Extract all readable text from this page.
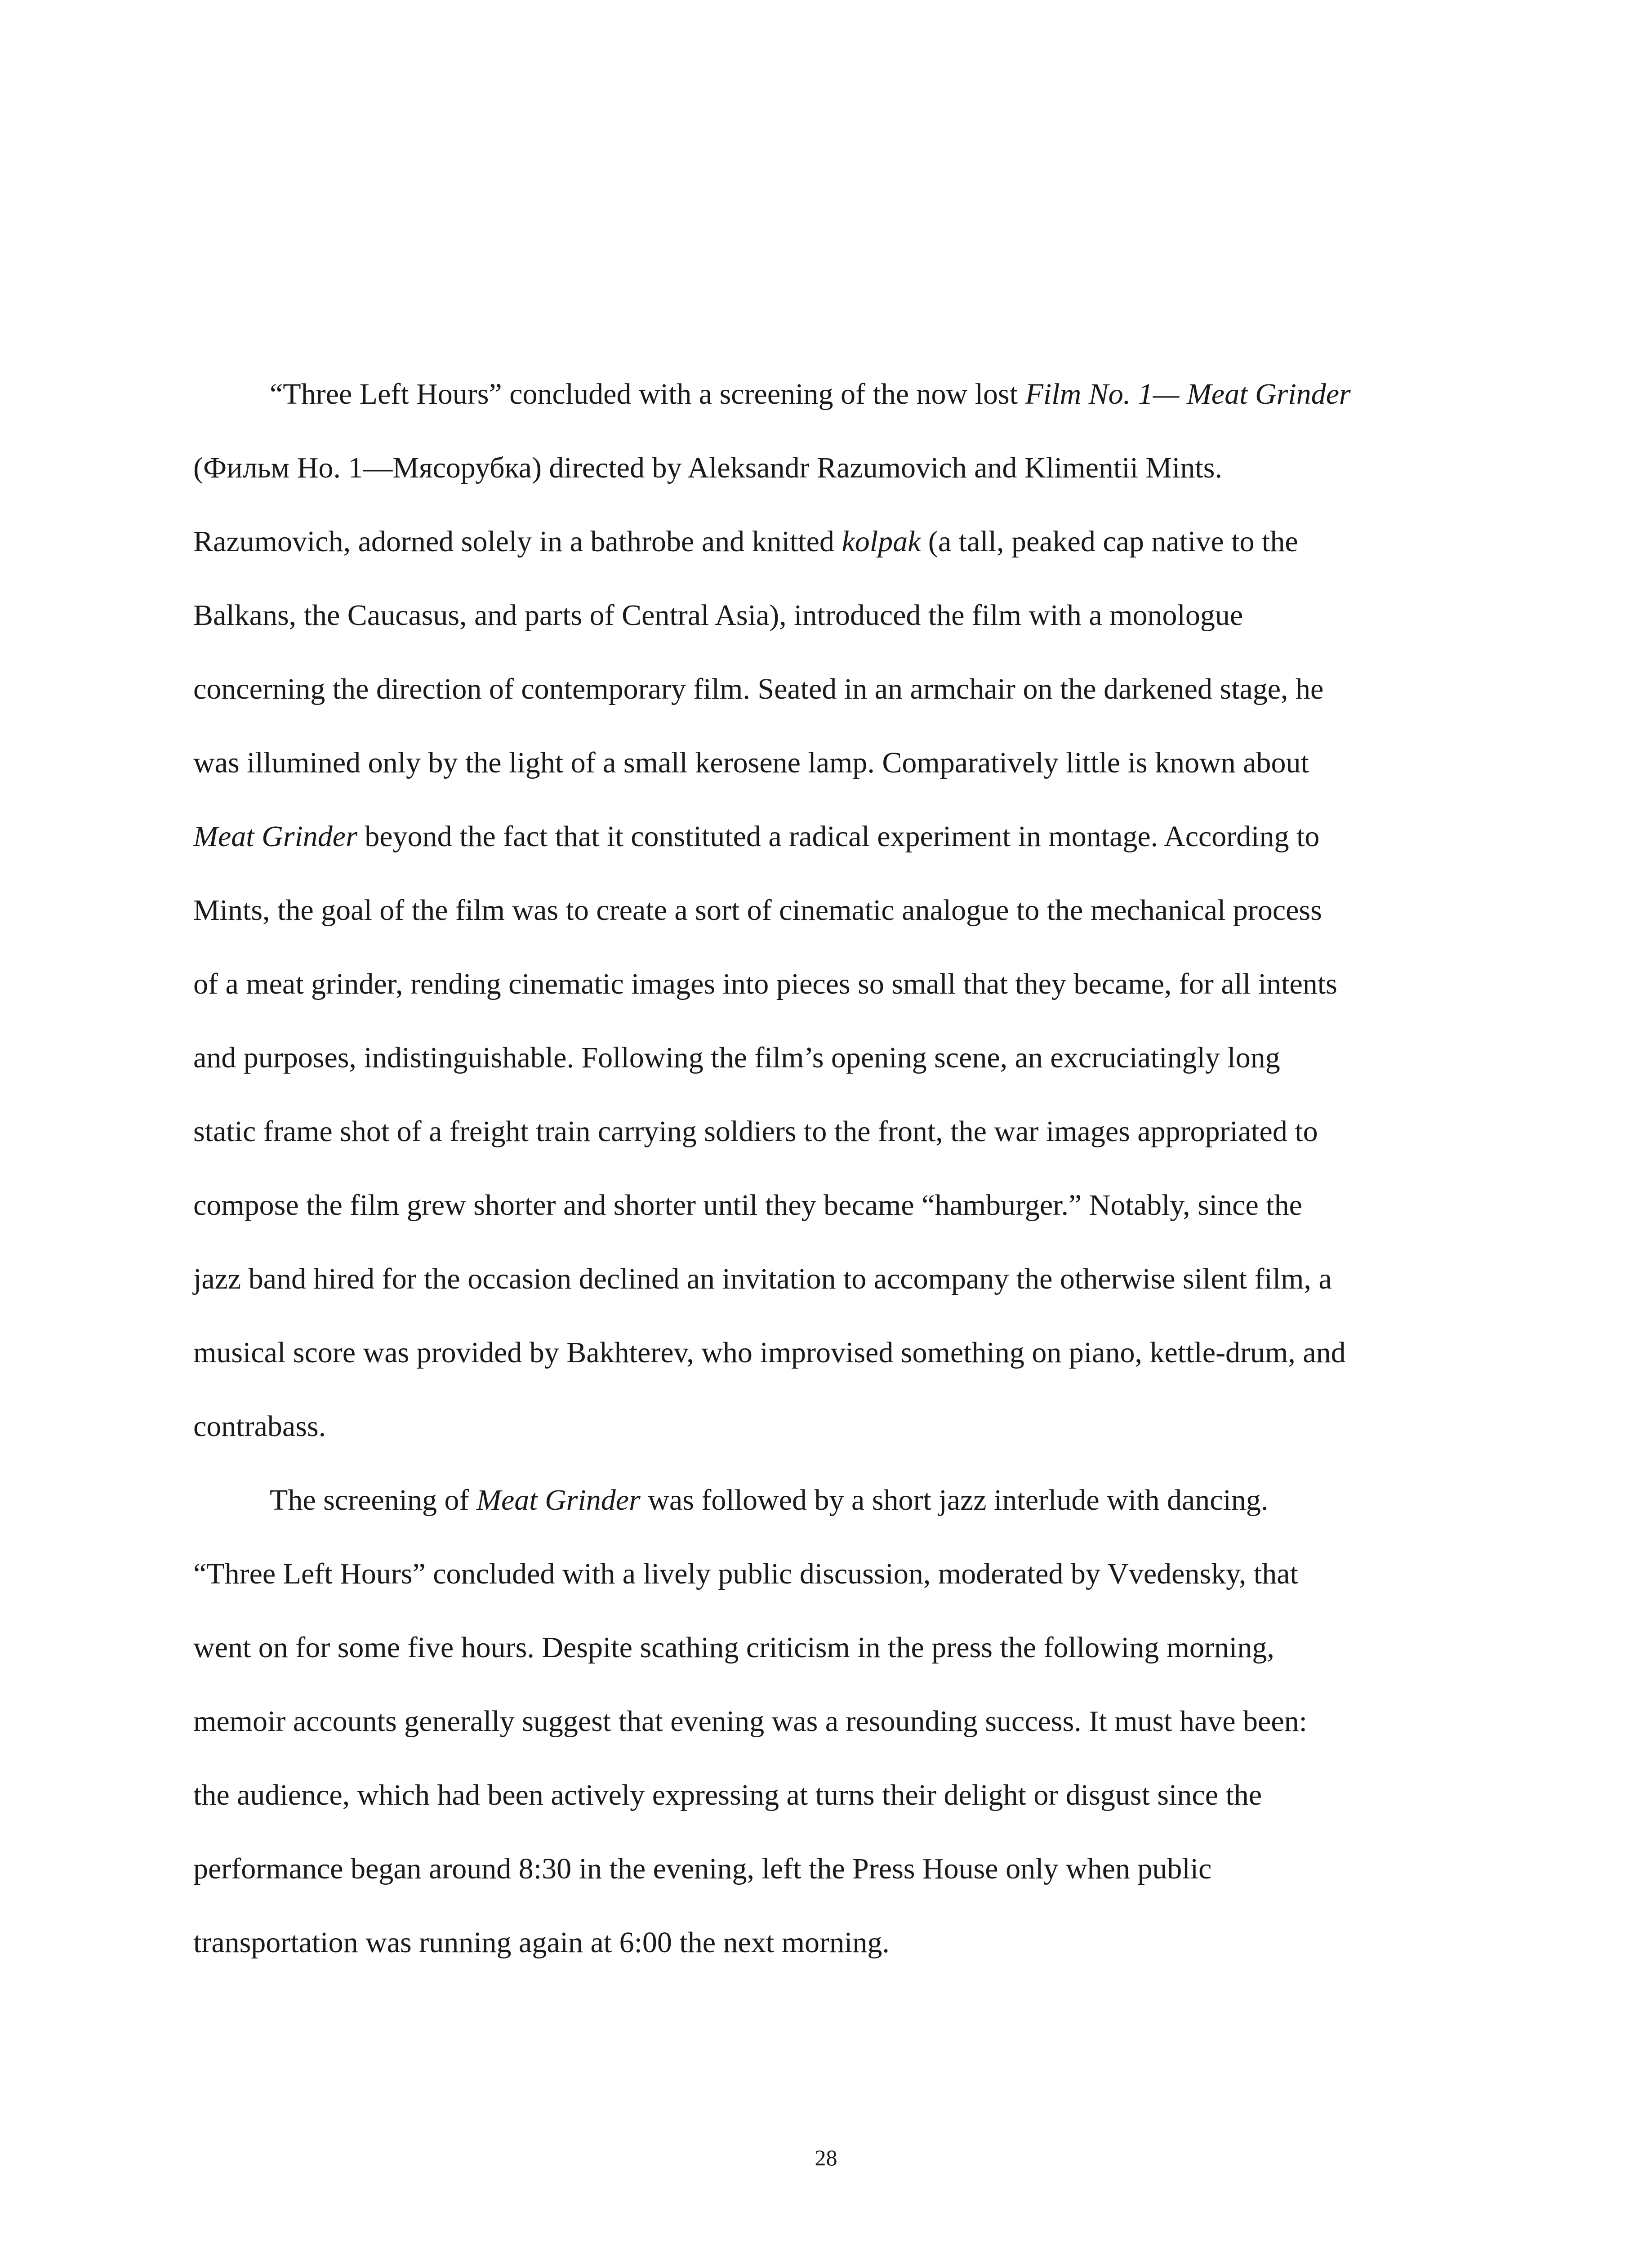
“Three Left Hours” concluded with a screening of the now lost Film No. 1— Meat Grinder
(Фильм Но. 1—Мясорубка) directed by Aleksandr Razumovich and Klimentii Mints.
Razumovich, adorned solely in a bathrobe and knitted kolpak (a tall, peaked cap native to the
Balkans, the Caucasus, and parts of Central Asia), introduced the film with a monologue
concerning the direction of contemporary film. Seated in an armchair on the darkened stage, he
was illumined only by the light of a small kerosene lamp. Comparatively little is known about
Meat Grinder beyond the fact that it constituted a radical experiment in montage. According to
Mints, the goal of the film was to create a sort of cinematic analogue to the mechanical process
of a meat grinder, rending cinematic images into pieces so small that they became, for all intents
and purposes, indistinguishable. Following the film’s opening scene, an excruciatingly long
static frame shot of a freight train carrying soldiers to the front, the war images appropriated to
compose the film grew shorter and shorter until they became “hamburger.” Notably, since the
jazz band hired for the occasion declined an invitation to accompany the otherwise silent film, a
musical score was provided by Bakhterev, who improvised something on piano, kettle-drum, and
contrabass.
The screening of Meat Grinder was followed by a short jazz interlude with dancing.
“Three Left Hours” concluded with a lively public discussion, moderated by Vvedensky, that
went on for some five hours. Despite scathing criticism in the press the following morning,
memoir accounts generally suggest that evening was a resounding success. It must have been:
the audience, which had been actively expressing at turns their delight or disgust since the
performance began around 8:30 in the evening, left the Press House only when public
transportation was running again at 6:00 the next morning.
28
